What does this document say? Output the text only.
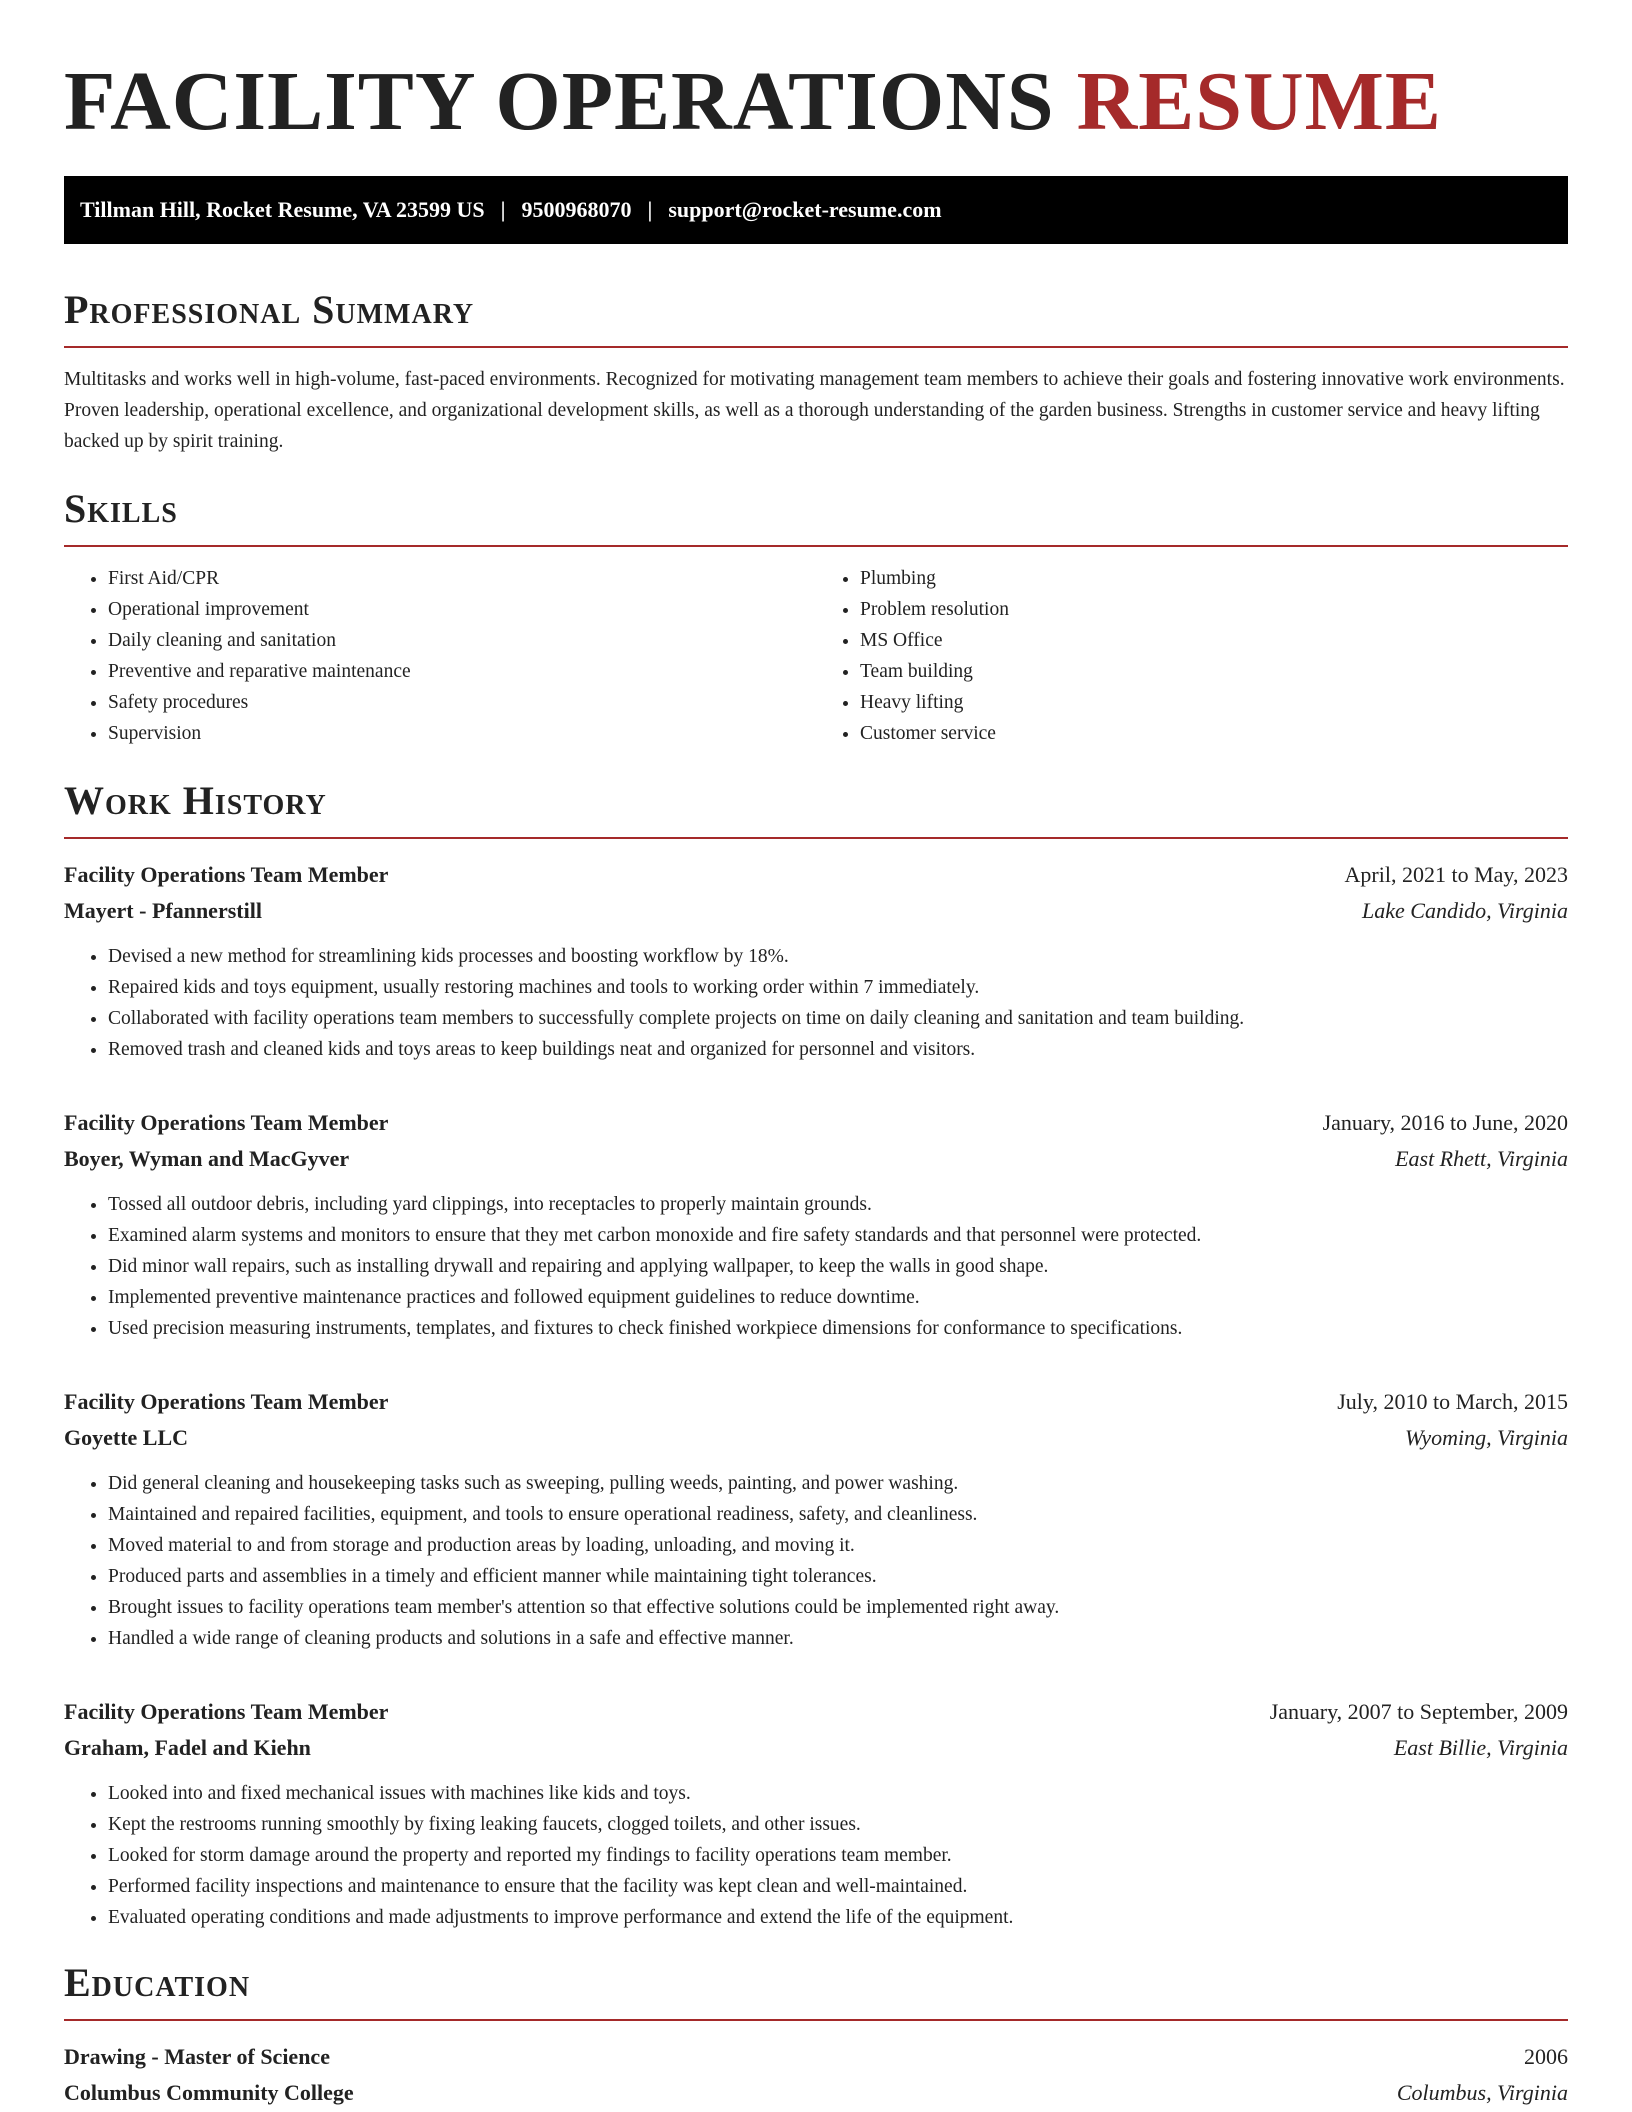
FACILITY OPERATIONS RESUME
Tillman Hill, Rocket Resume, VA 23599 US | 9500968070 | support@rocket-resume.com
Professional Summary

Multitasks and works well in high-volume, fast-paced environments. Recognized for motivating management team members to achieve their goals and fostering innovative work environments. Proven leadership, operational excellence, and organizational development skills, as well as a thorough understanding of the garden business. Strengths in customer service and heavy lifting backed up by spirit training.

Skills
• First Aid/CPR
• Operational improvement
• Daily cleaning and sanitation
• Preventive and reparative maintenance
• Safety procedures
• Supervision
• Plumbing
• Problem resolution
• MS Office
• Team building
• Heavy lifting
• Customer service
Work History
Facility Operations Team Member	April, 2021 to May, 2023
Mayert - Pfannerstill	Lake Candido, Virginia
• Devised a new method for streamlining kids processes and boosting workflow by 18%.
• Repaired kids and toys equipment, usually restoring machines and tools to working order within 7 immediately.
• Collaborated with facility operations team members to successfully complete projects on time on daily cleaning and sanitation and team building.
• Removed trash and cleaned kids and toys areas to keep buildings neat and organized for personnel and visitors.
Facility Operations Team Member	January, 2016 to June, 2020
Boyer, Wyman and MacGyver	East Rhett, Virginia
• Tossed all outdoor debris, including yard clippings, into receptacles to properly maintain grounds.
• Examined alarm systems and monitors to ensure that they met carbon monoxide and fire safety standards and that personnel were protected.
• Did minor wall repairs, such as installing drywall and repairing and applying wallpaper, to keep the walls in good shape.
• Implemented preventive maintenance practices and followed equipment guidelines to reduce downtime.
• Used precision measuring instruments, templates, and fixtures to check finished workpiece dimensions for conformance to specifications.
Facility Operations Team Member	July, 2010 to March, 2015
Goyette LLC	Wyoming, Virginia
• Did general cleaning and housekeeping tasks such as sweeping, pulling weeds, painting, and power washing.
• Maintained and repaired facilities, equipment, and tools to ensure operational readiness, safety, and cleanliness.
• Moved material to and from storage and production areas by loading, unloading, and moving it.
• Produced parts and assemblies in a timely and efficient manner while maintaining tight tolerances.
• Brought issues to facility operations team member's attention so that effective solutions could be implemented right away.
• Handled a wide range of cleaning products and solutions in a safe and effective manner.
Facility Operations Team Member	January, 2007 to September, 2009
Graham, Fadel and Kiehn	East Billie, Virginia
• Looked into and fixed mechanical issues with machines like kids and toys.
• Kept the restrooms running smoothly by fixing leaking faucets, clogged toilets, and other issues.
• Looked for storm damage around the property and reported my findings to facility operations team member.
• Performed facility inspections and maintenance to ensure that the facility was kept clean and well-maintained.
• Evaluated operating conditions and made adjustments to improve performance and extend the life of the equipment.
Education
Drawing - Master of Science	2006
Columbus Community College	Columbus, Virginia
